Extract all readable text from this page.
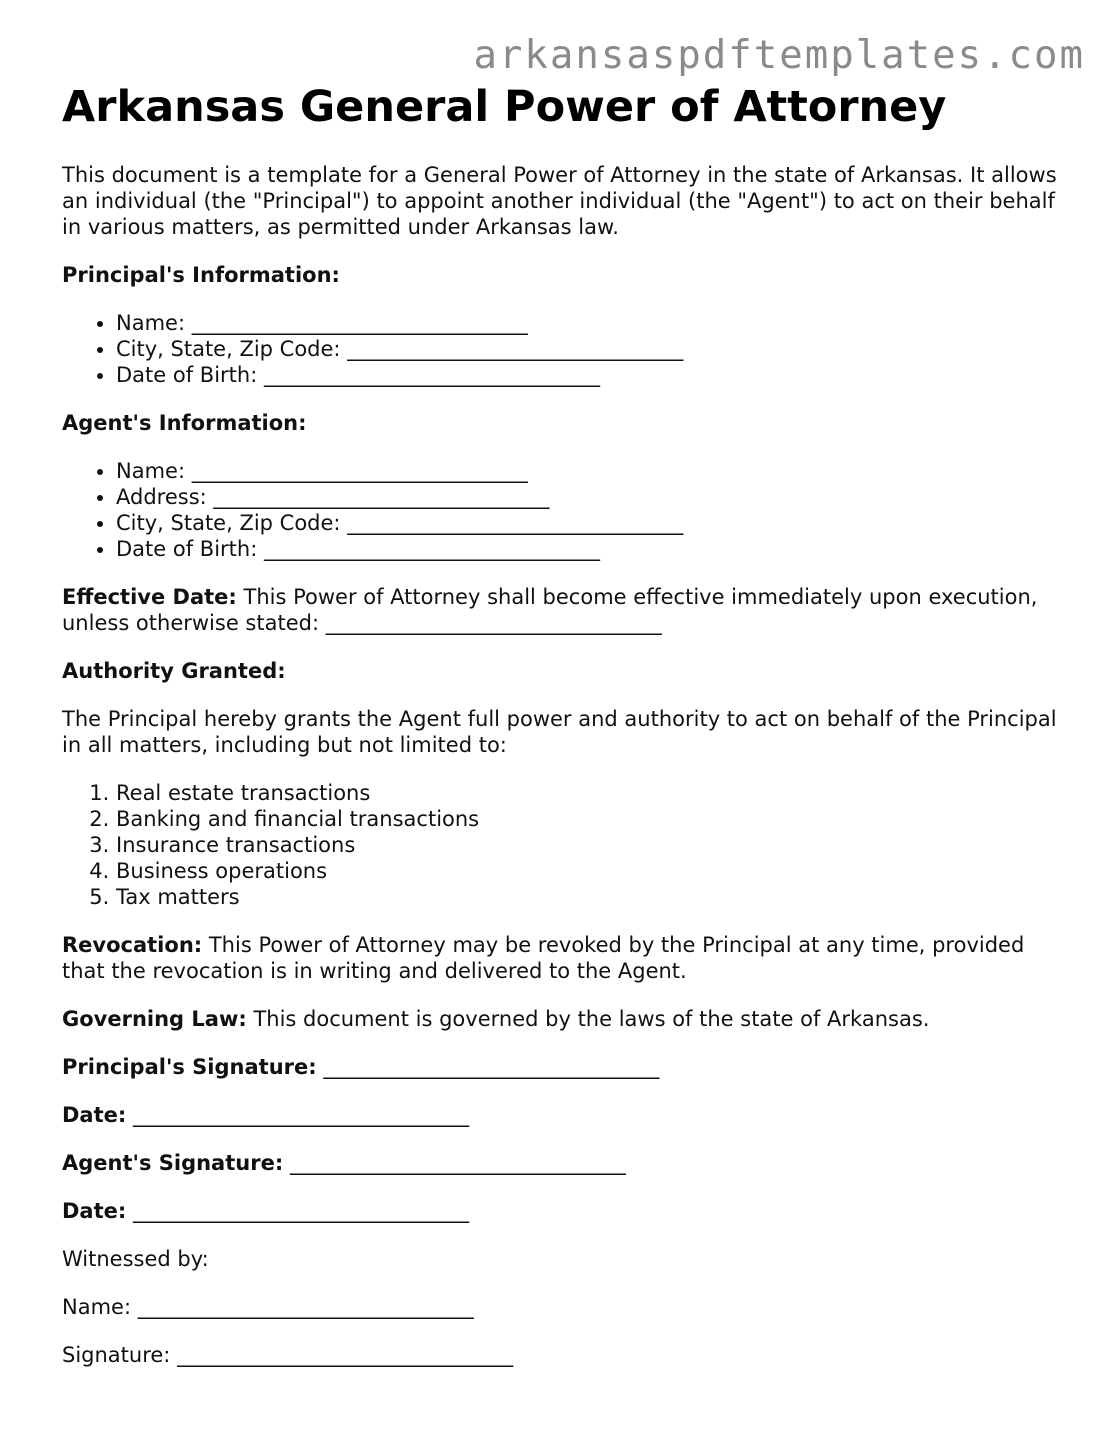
arkansaspdftemplates.com
Arkansas General Power of Attorney

This document is a template for a General Power of Attorney in the state of Arkansas. It allows an individual (the "Principal") to appoint another individual (the "Agent") to act on their behalf in various matters, as permitted under Arkansas law.

Principal's Information:

• Name: ________________________________
• City, State, Zip Code: ________________________________
• Date of Birth: ________________________________

Agent's Information:

• Name: ________________________________
• Address: ________________________________
• City, State, Zip Code: ________________________________
• Date of Birth: ________________________________

Effective Date: This Power of Attorney shall become effective immediately upon execution, unless otherwise stated: ________________________________

Authority Granted:

The Principal hereby grants the Agent full power and authority to act on behalf of the Principal in all matters, including but not limited to:

1. Real estate transactions
2. Banking and financial transactions
3. Insurance transactions
4. Business operations
5. Tax matters

Revocation: This Power of Attorney may be revoked by the Principal at any time, provided that the revocation is in writing and delivered to the Agent.

Governing Law: This document is governed by the laws of the state of Arkansas.

Principal's Signature: ________________________________

Date: ________________________________

Agent's Signature: ________________________________

Date: ________________________________

Witnessed by:

Name: ________________________________

Signature: ________________________________
